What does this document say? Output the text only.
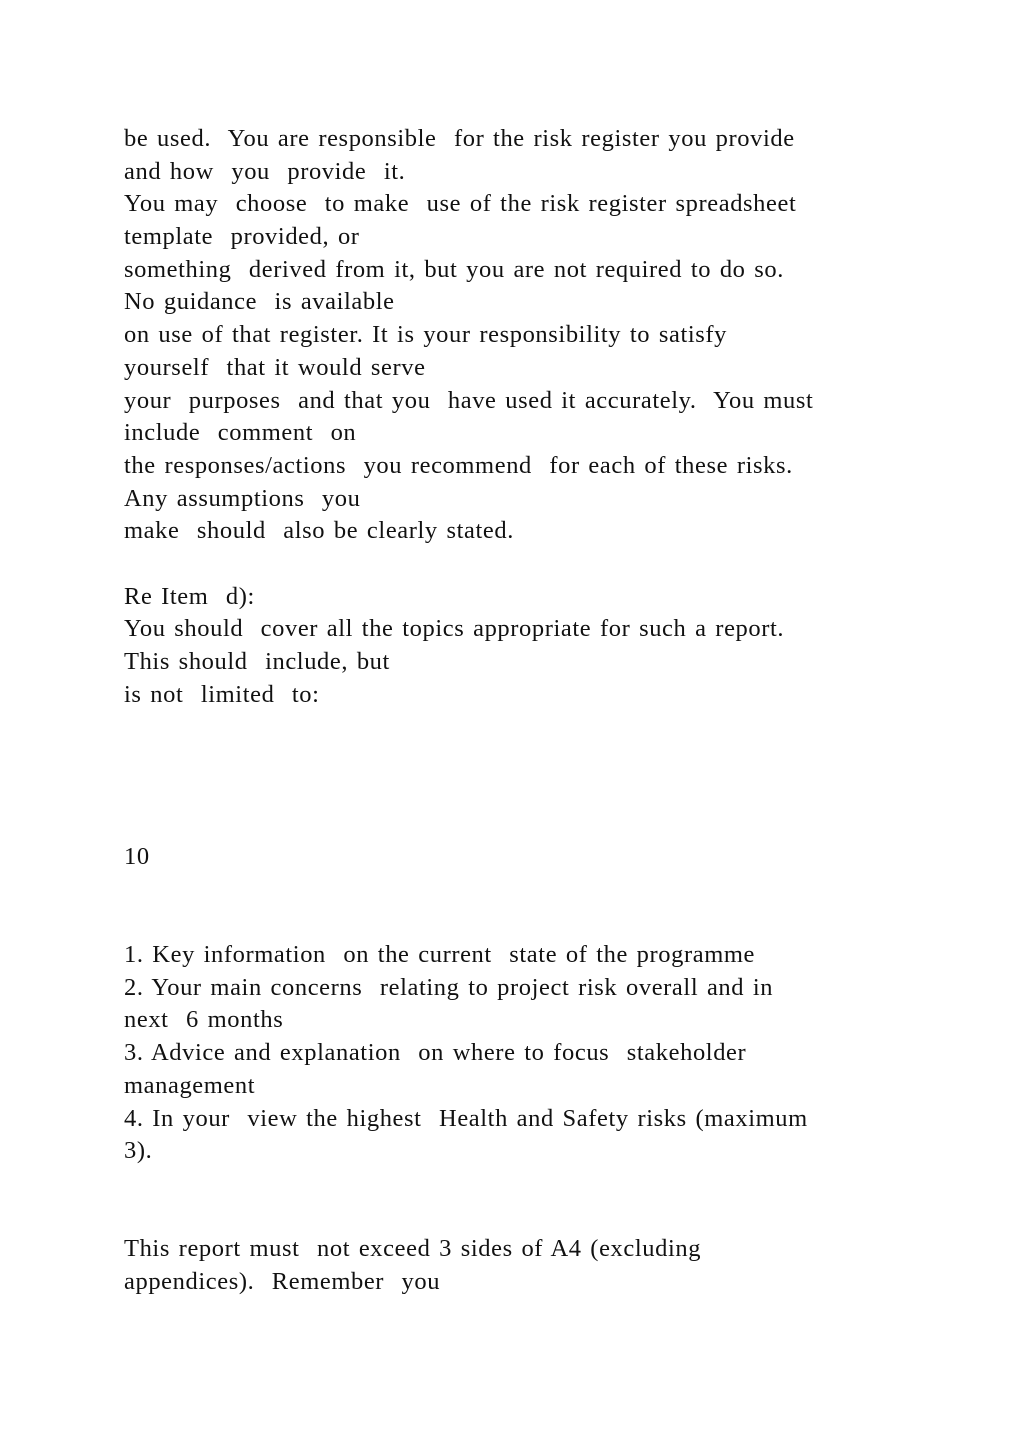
be used.  You are responsible  for the risk register you provide
and how  you  provide  it.
You may  choose  to make  use of the risk register spreadsheet
template  provided, or
something  derived from it, but you are not required to do so.
No guidance  is available
on use of that register. It is your responsibility to satisfy
yourself  that it would serve
your  purposes  and that you  have used it accurately.  You must
include  comment  on
the responses/actions  you recommend  for each of these risks.
Any assumptions  you
make  should  also be clearly stated.
Re Item  d):
You should  cover all the topics appropriate for such a report.
This should  include, but
is not  limited  to:
10
1. Key information  on the current  state of the programme
2. Your main concerns  relating to project risk overall and in
next  6 months
3. Advice and explanation  on where to focus  stakeholder
management
4. In your  view the highest  Health and Safety risks (maximum
3).
This report must  not exceed 3 sides of A4 (excluding
appendices).  Remember  you
